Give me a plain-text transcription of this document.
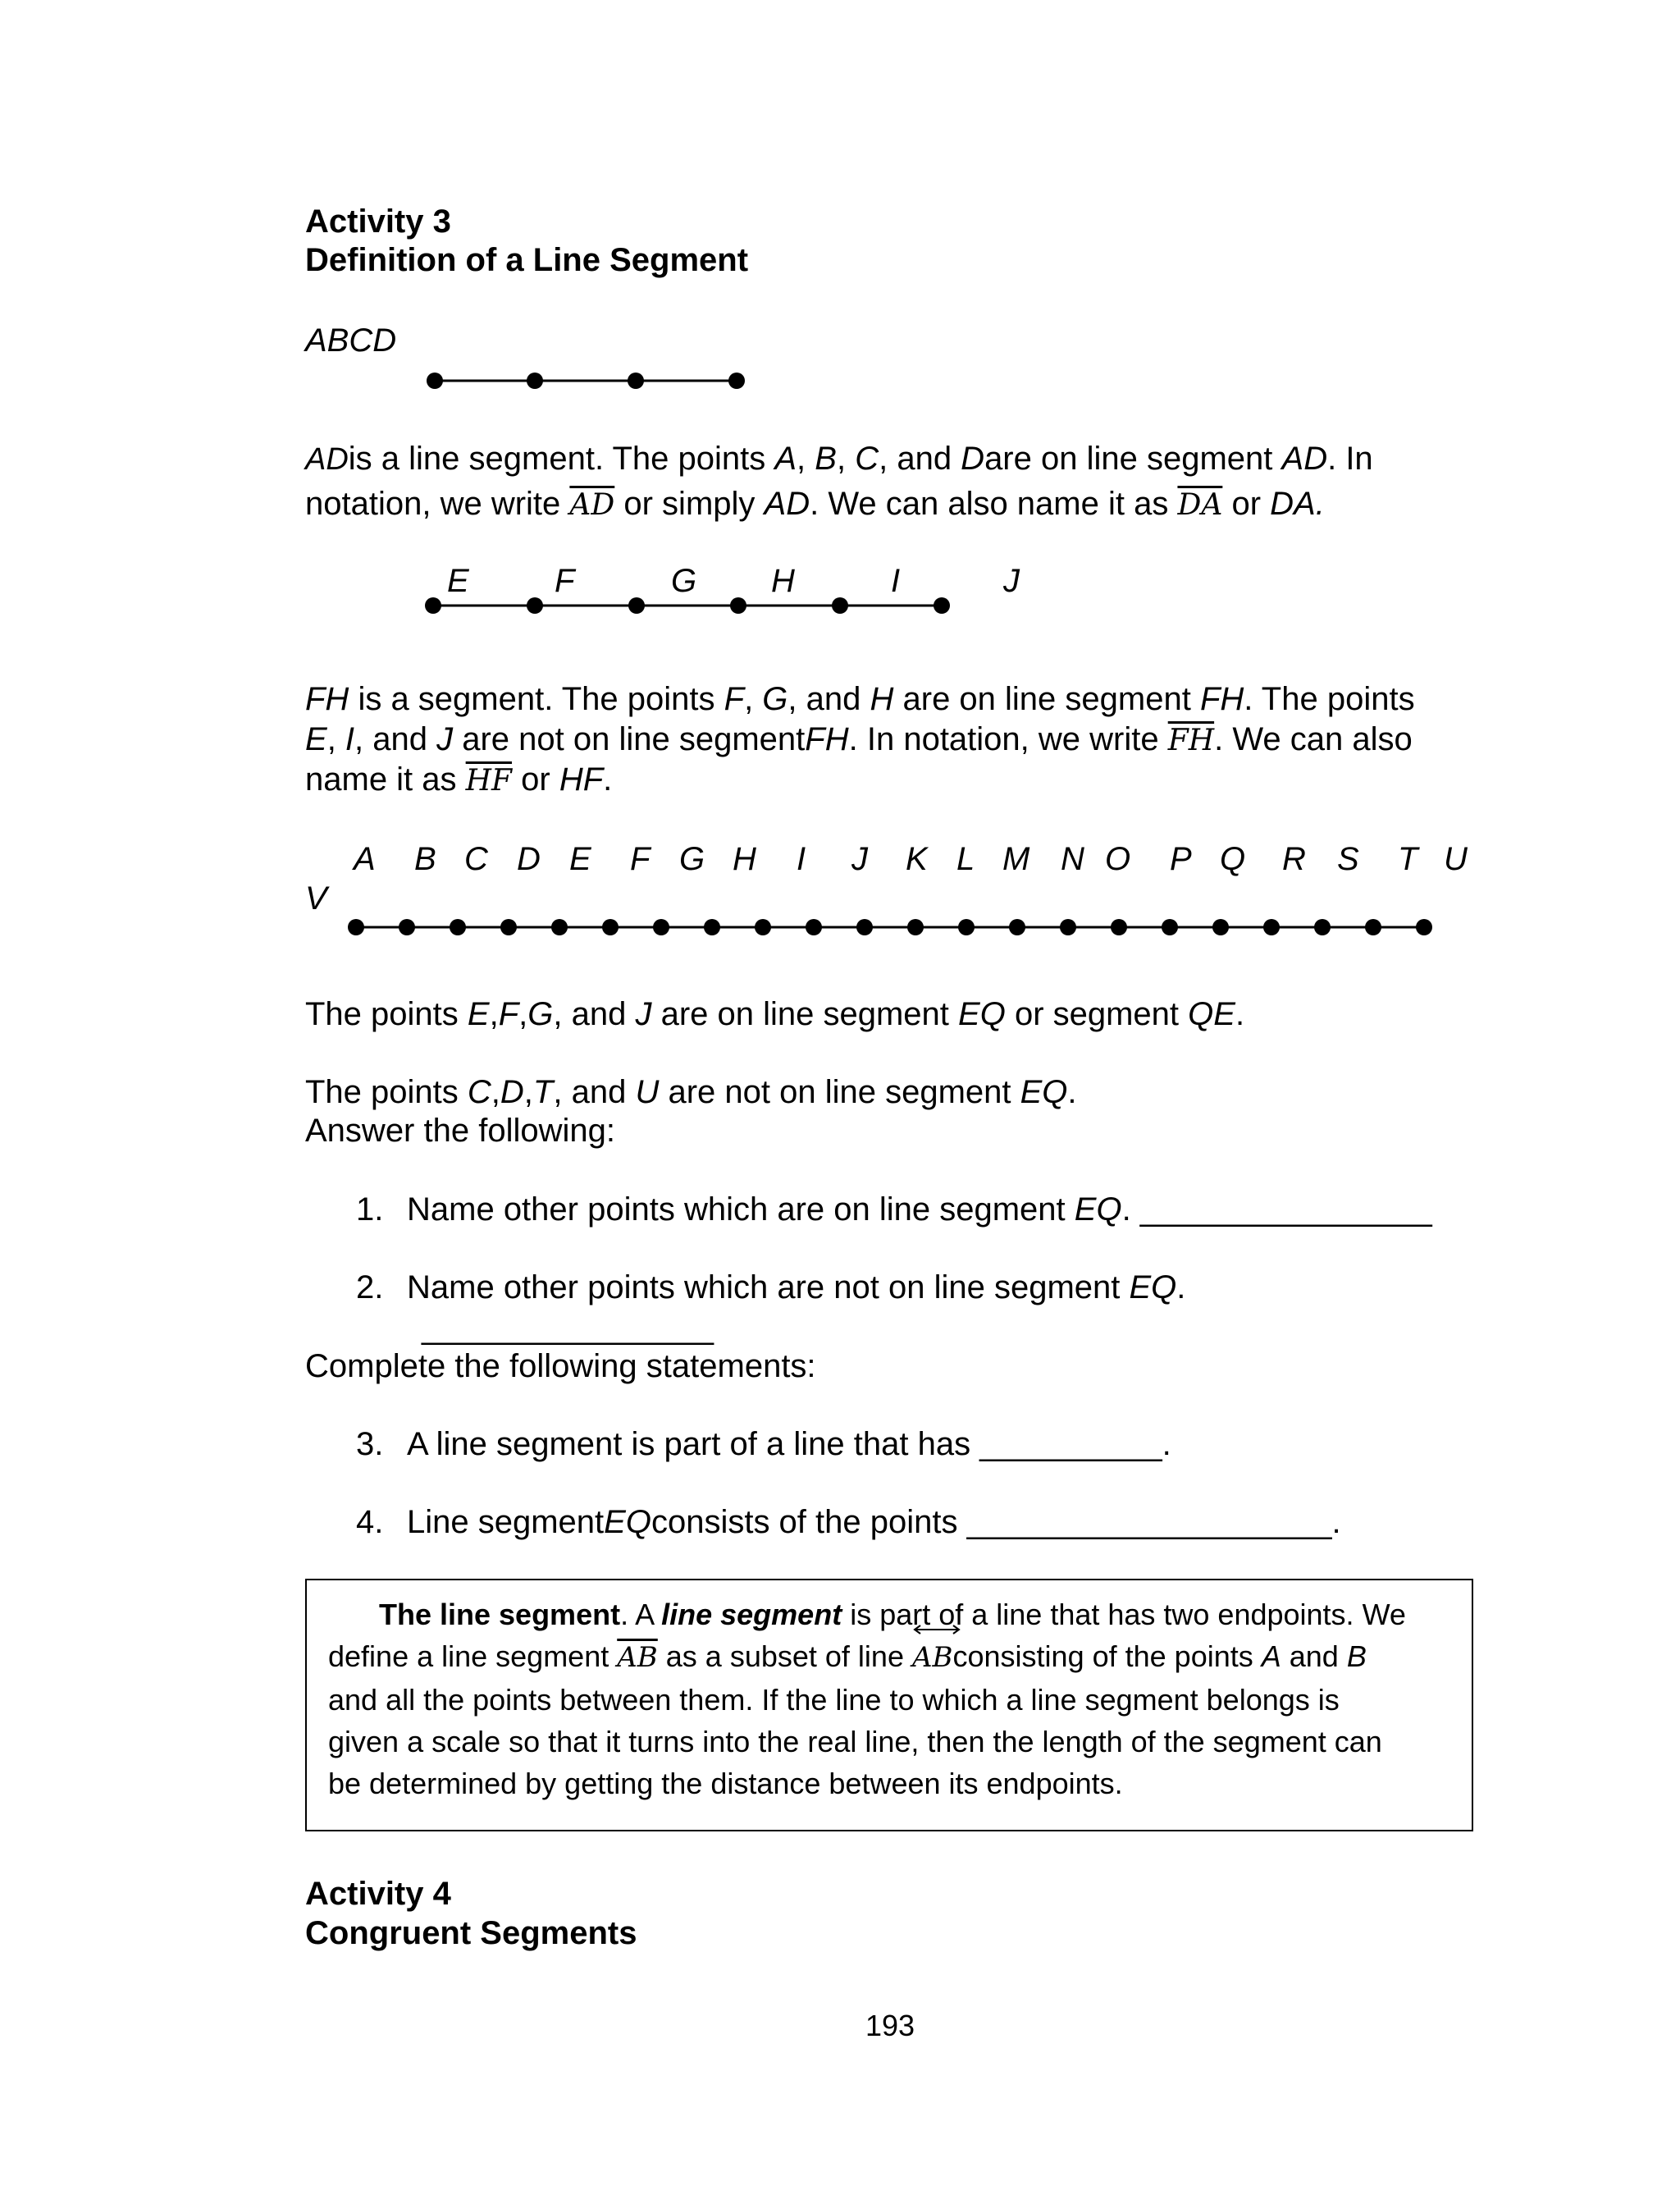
Activity 3
Definition of a Line Segment
ABCD
ADis a line segment. The points A, B, C, and Dare on line segment AD. In
notation, we write $\overline{AD}$ or simply AD. We can also name it as $\overline{DA}$ or DA.
E	F	G H	I	J
FH is a segment. The points F, G, and H are on line segment FH. The points
E, I, and J are not on line segmentFH. In notation, we write $\overline{FH}$. We can also
name it as $\overline{HF}$ or HF.
A B C D E F G H I J K L M N O P Q R S T U
V
The points E,F,G, and J are on line segment EQ or segment QE.
The points C,D,T, and U are not on line segment EQ.
Answer the following:
1. Name other points which are on line segment EQ. ________________
2. Name other points which are not on line segment EQ.
________________
Complete the following statements:
3. A line segment is part of a line that has __________.
4. Line segmentEQconsists of the points ____________________.
The line segment. A line segment is part of a line that has two endpoints. We
define a line segment $\overline{AB}$ as a subset of line
ABconsisting of the points A and B
and all the points between them. If the line to which a line segment belongs is
given a scale so that it turns into the real line, then the length of the segment can
be determined by getting the distance between its endpoints.
Activity 4
Congruent Segments
193
